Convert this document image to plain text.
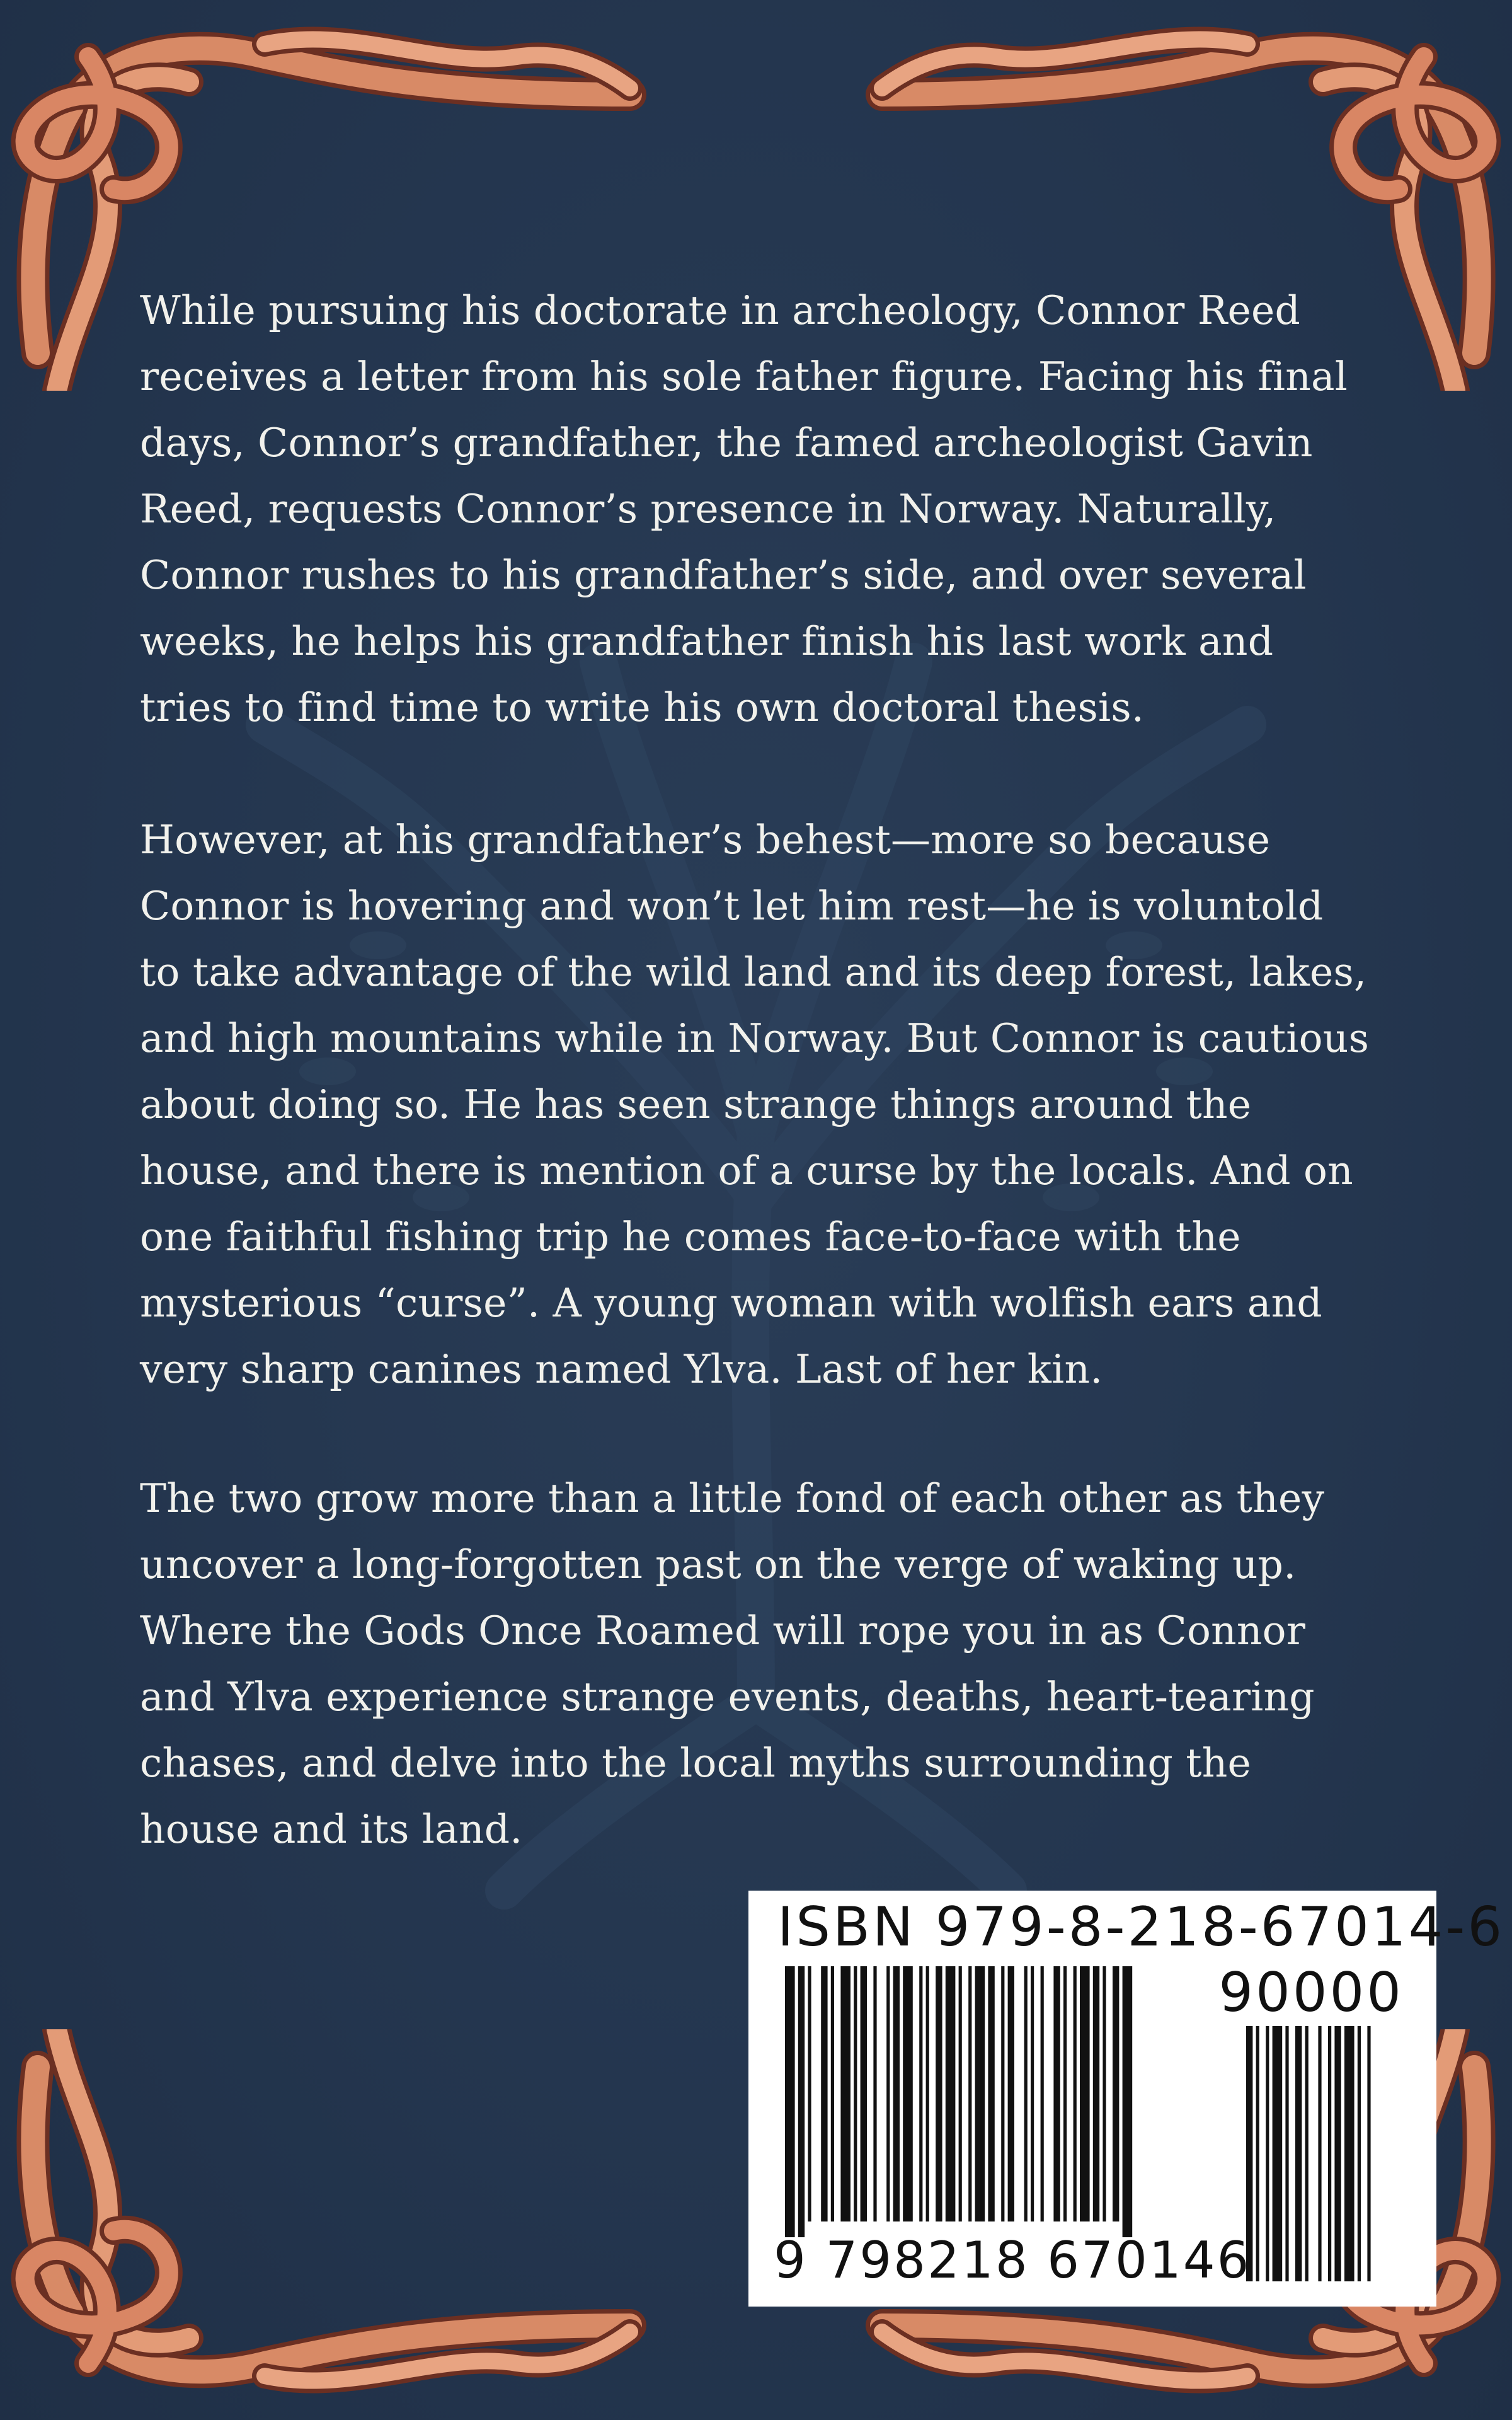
While pursuing his doctorate in archeology, Connor Reed receives a letter from his sole father figure. Facing his final days, Connor’s grandfather, the famed archeologist Gavin Reed, requests Connor’s presence in Norway. Naturally, Connor rushes to his grandfather’s side, and over several weeks, he helps his grandfather finish his last work and tries to find time to write his own doctoral thesis.

However, at his grandfather’s behest—more so because Connor is hovering and won’t let him rest—he is voluntold to take advantage of the wild land and its deep forest, lakes, and high mountains while in Norway. But Connor is cautious about doing so. He has seen strange things around the house, and there is mention of a curse by the locals. And on one faithful fishing trip he comes face-to-face with the mysterious “curse”. A young woman with wolfish ears and very sharp canines named Ylva. Last of her kin.

The two grow more than a little fond of each other as they uncover a long-forgotten past on the verge of waking up. Where the Gods Once Roamed will rope you in as Connor and Ylva experience strange events, deaths, heart-tearing chases, and delve into the local myths surrounding the house and its land.

ISBN 979-8-218-67014-6
90000
9 798218 670146
